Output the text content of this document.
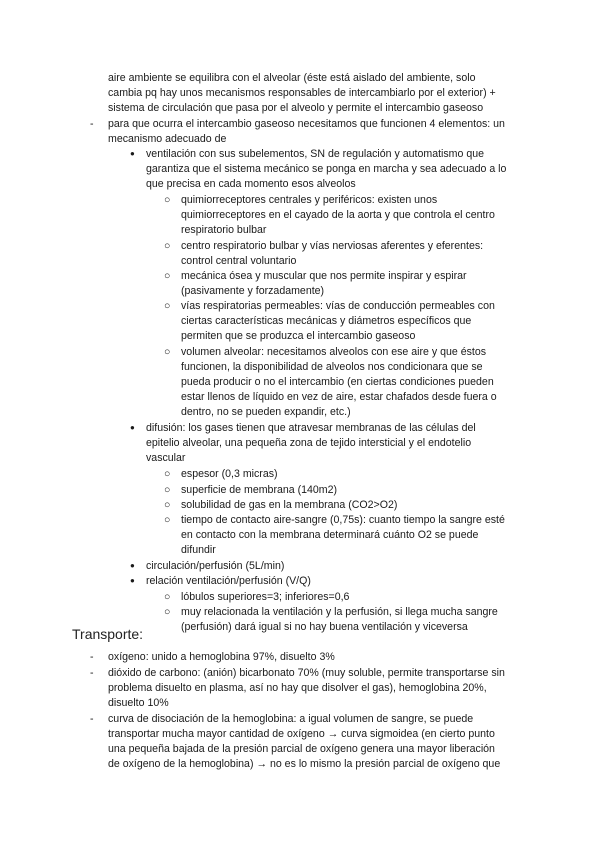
aire ambiente se equilibra con el alveolar (éste está aislado del ambiente, solo
cambia pq hay unos mecanismos responsables de intercambiarlo por el exterior) +
sistema de circulación que pasa por el alveolo y permite el intercambio gaseoso
- para que ocurra el intercambio gaseoso necesitamos que funcionen 4 elementos: un
mecanismo adecuado de
● ventilación con sus subelementos, SN de regulación y automatismo que
garantiza que el sistema mecánico se ponga en marcha y sea adecuado a lo
que precisa en cada momento esos alveolos
○ quimiorreceptores centrales y periféricos: existen unos
quimiorreceptores en el cayado de la aorta y que controla el centro
respiratorio bulbar
○ centro respiratorio bulbar y vías nerviosas aferentes y eferentes:
control central voluntario
○ mecánica ósea y muscular que nos permite inspirar y espirar
(pasivamente y forzadamente)
○ vías respiratorias permeables: vías de conducción permeables con
ciertas características mecánicas y diámetros específicos que
permiten que se produzca el intercambio gaseoso
○ volumen alveolar: necesitamos alveolos con ese aire y que éstos
funcionen, la disponibilidad de alveolos nos condicionara que se
pueda producir o no el intercambio (en ciertas condiciones pueden
estar llenos de líquido en vez de aire, estar chafados desde fuera o
dentro, no se pueden expandir, etc.)
● difusión: los gases tienen que atravesar membranas de las células del
epitelio alveolar, una pequeña zona de tejido intersticial y el endotelio
vascular
○ espesor (0,3 micras)
○ superficie de membrana (140m2)
○ solubilidad de gas en la membrana (CO2>O2)
○ tiempo de contacto aire-sangre (0,75s): cuanto tiempo la sangre esté
en contacto con la membrana determinará cuánto O2 se puede
difundir
● circulación/perfusión (5L/min)
● relación ventilación/perfusión (V/Q)
○ lóbulos superiores=3; inferiores=0,6
○ muy relacionada la ventilación y la perfusión, si llega mucha sangre
(perfusión) dará igual si no hay buena ventilación y viceversa
Transporte:
- oxígeno: unido a hemoglobina 97%, disuelto 3%
- dióxido de carbono: (anión) bicarbonato 70% (muy soluble, permite transportarse sin
problema disuelto en plasma, así no hay que disolver el gas), hemoglobina 20%,
disuelto 10%
- curva de disociación de la hemoglobina: a igual volumen de sangre, se puede
transportar mucha mayor cantidad de oxígeno → curva sigmoidea (en cierto punto
una pequeña bajada de la presión parcial de oxígeno genera una mayor liberación
de oxígeno de la hemoglobina) → no es lo mismo la presión parcial de oxígeno que
